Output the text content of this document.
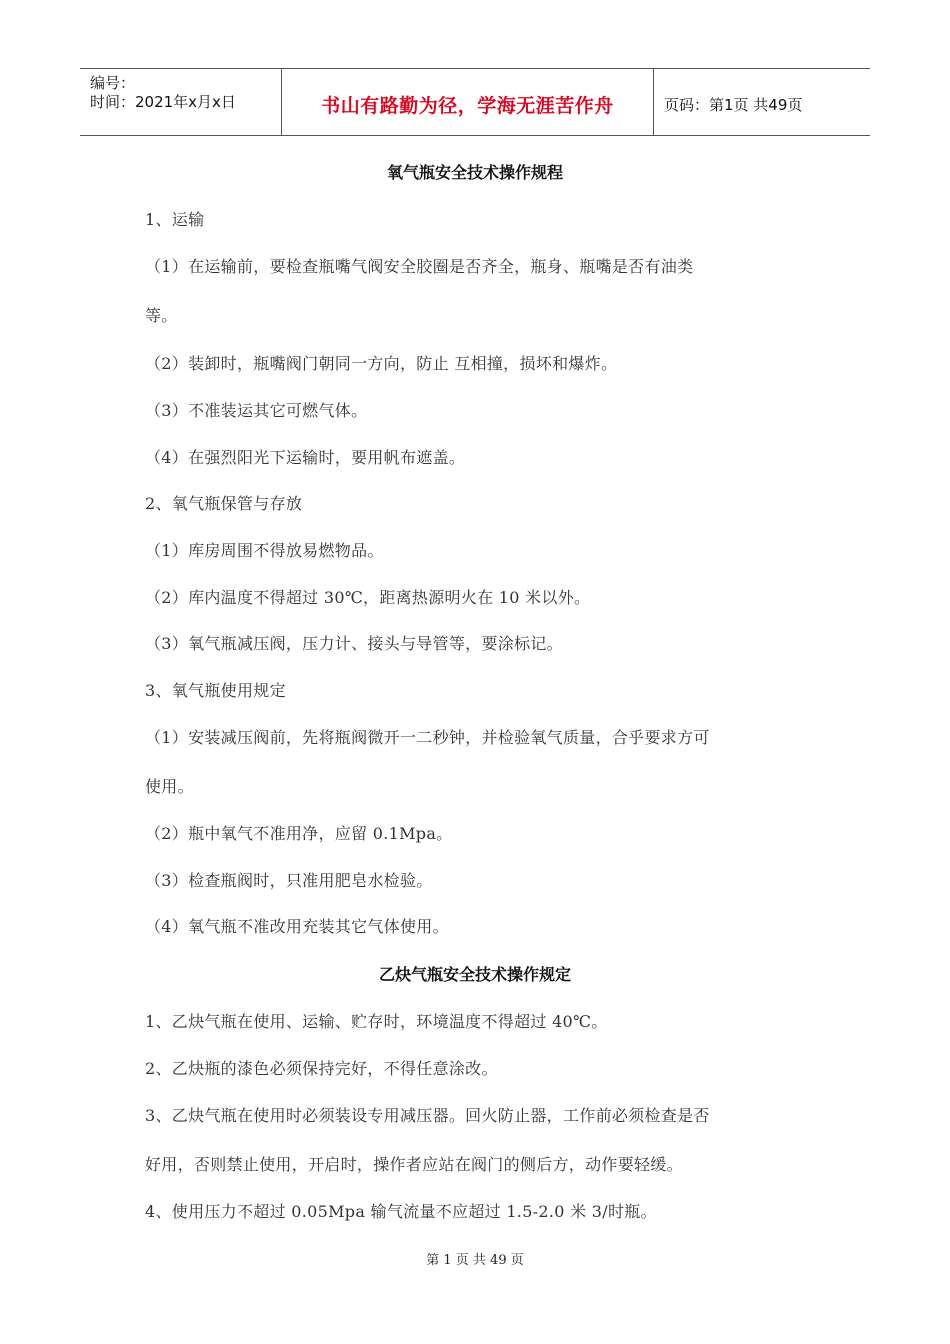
编号：
时间：2021年x月x日	书山有路勤为径，学海无涯苦作舟	页码：第1页 共49页
氧气瓶安全技术操作规程
1、运输
（1）在运输前，要检查瓶嘴气阀安全胶圈是否齐全，瓶身、瓶嘴是否有油类
等。
（2）装卸时，瓶嘴阀门朝同一方向，防止 互相撞，损坏和爆炸。
（3）不准装运其它可燃气体。
（4）在强烈阳光下运输时，要用帆布遮盖。
2、氧气瓶保管与存放
（1）库房周围不得放易燃物品。
（2）库内温度不得超过 30℃，距离热源明火在 10 米以外。
（3）氧气瓶减压阀，压力计、接头与导管等，要涂标记。
3、氧气瓶使用规定
（1）安装减压阀前，先将瓶阀微开一二秒钟，并检验氧气质量，合乎要求方可
使用。
（2）瓶中氧气不准用净，应留 0.1Mpa。
（3）检查瓶阀时，只准用肥皂水检验。
（4）氧气瓶不准改用充装其它气体使用。
乙炔气瓶安全技术操作规定
1、乙炔气瓶在使用、运输、贮存时，环境温度不得超过 40℃。
2、乙炔瓶的漆色必须保持完好，不得任意涂改。
3、乙炔气瓶在使用时必须装设专用减压器。回火防止器，工作前必须检查是否
好用，否则禁止使用，开启时，操作者应站在阀门的侧后方，动作要轻缓。
4、使用压力不超过 0.05Mpa 输气流量不应超过 1.5-2.0 米 3/时瓶。
第 1 页 共 49 页
